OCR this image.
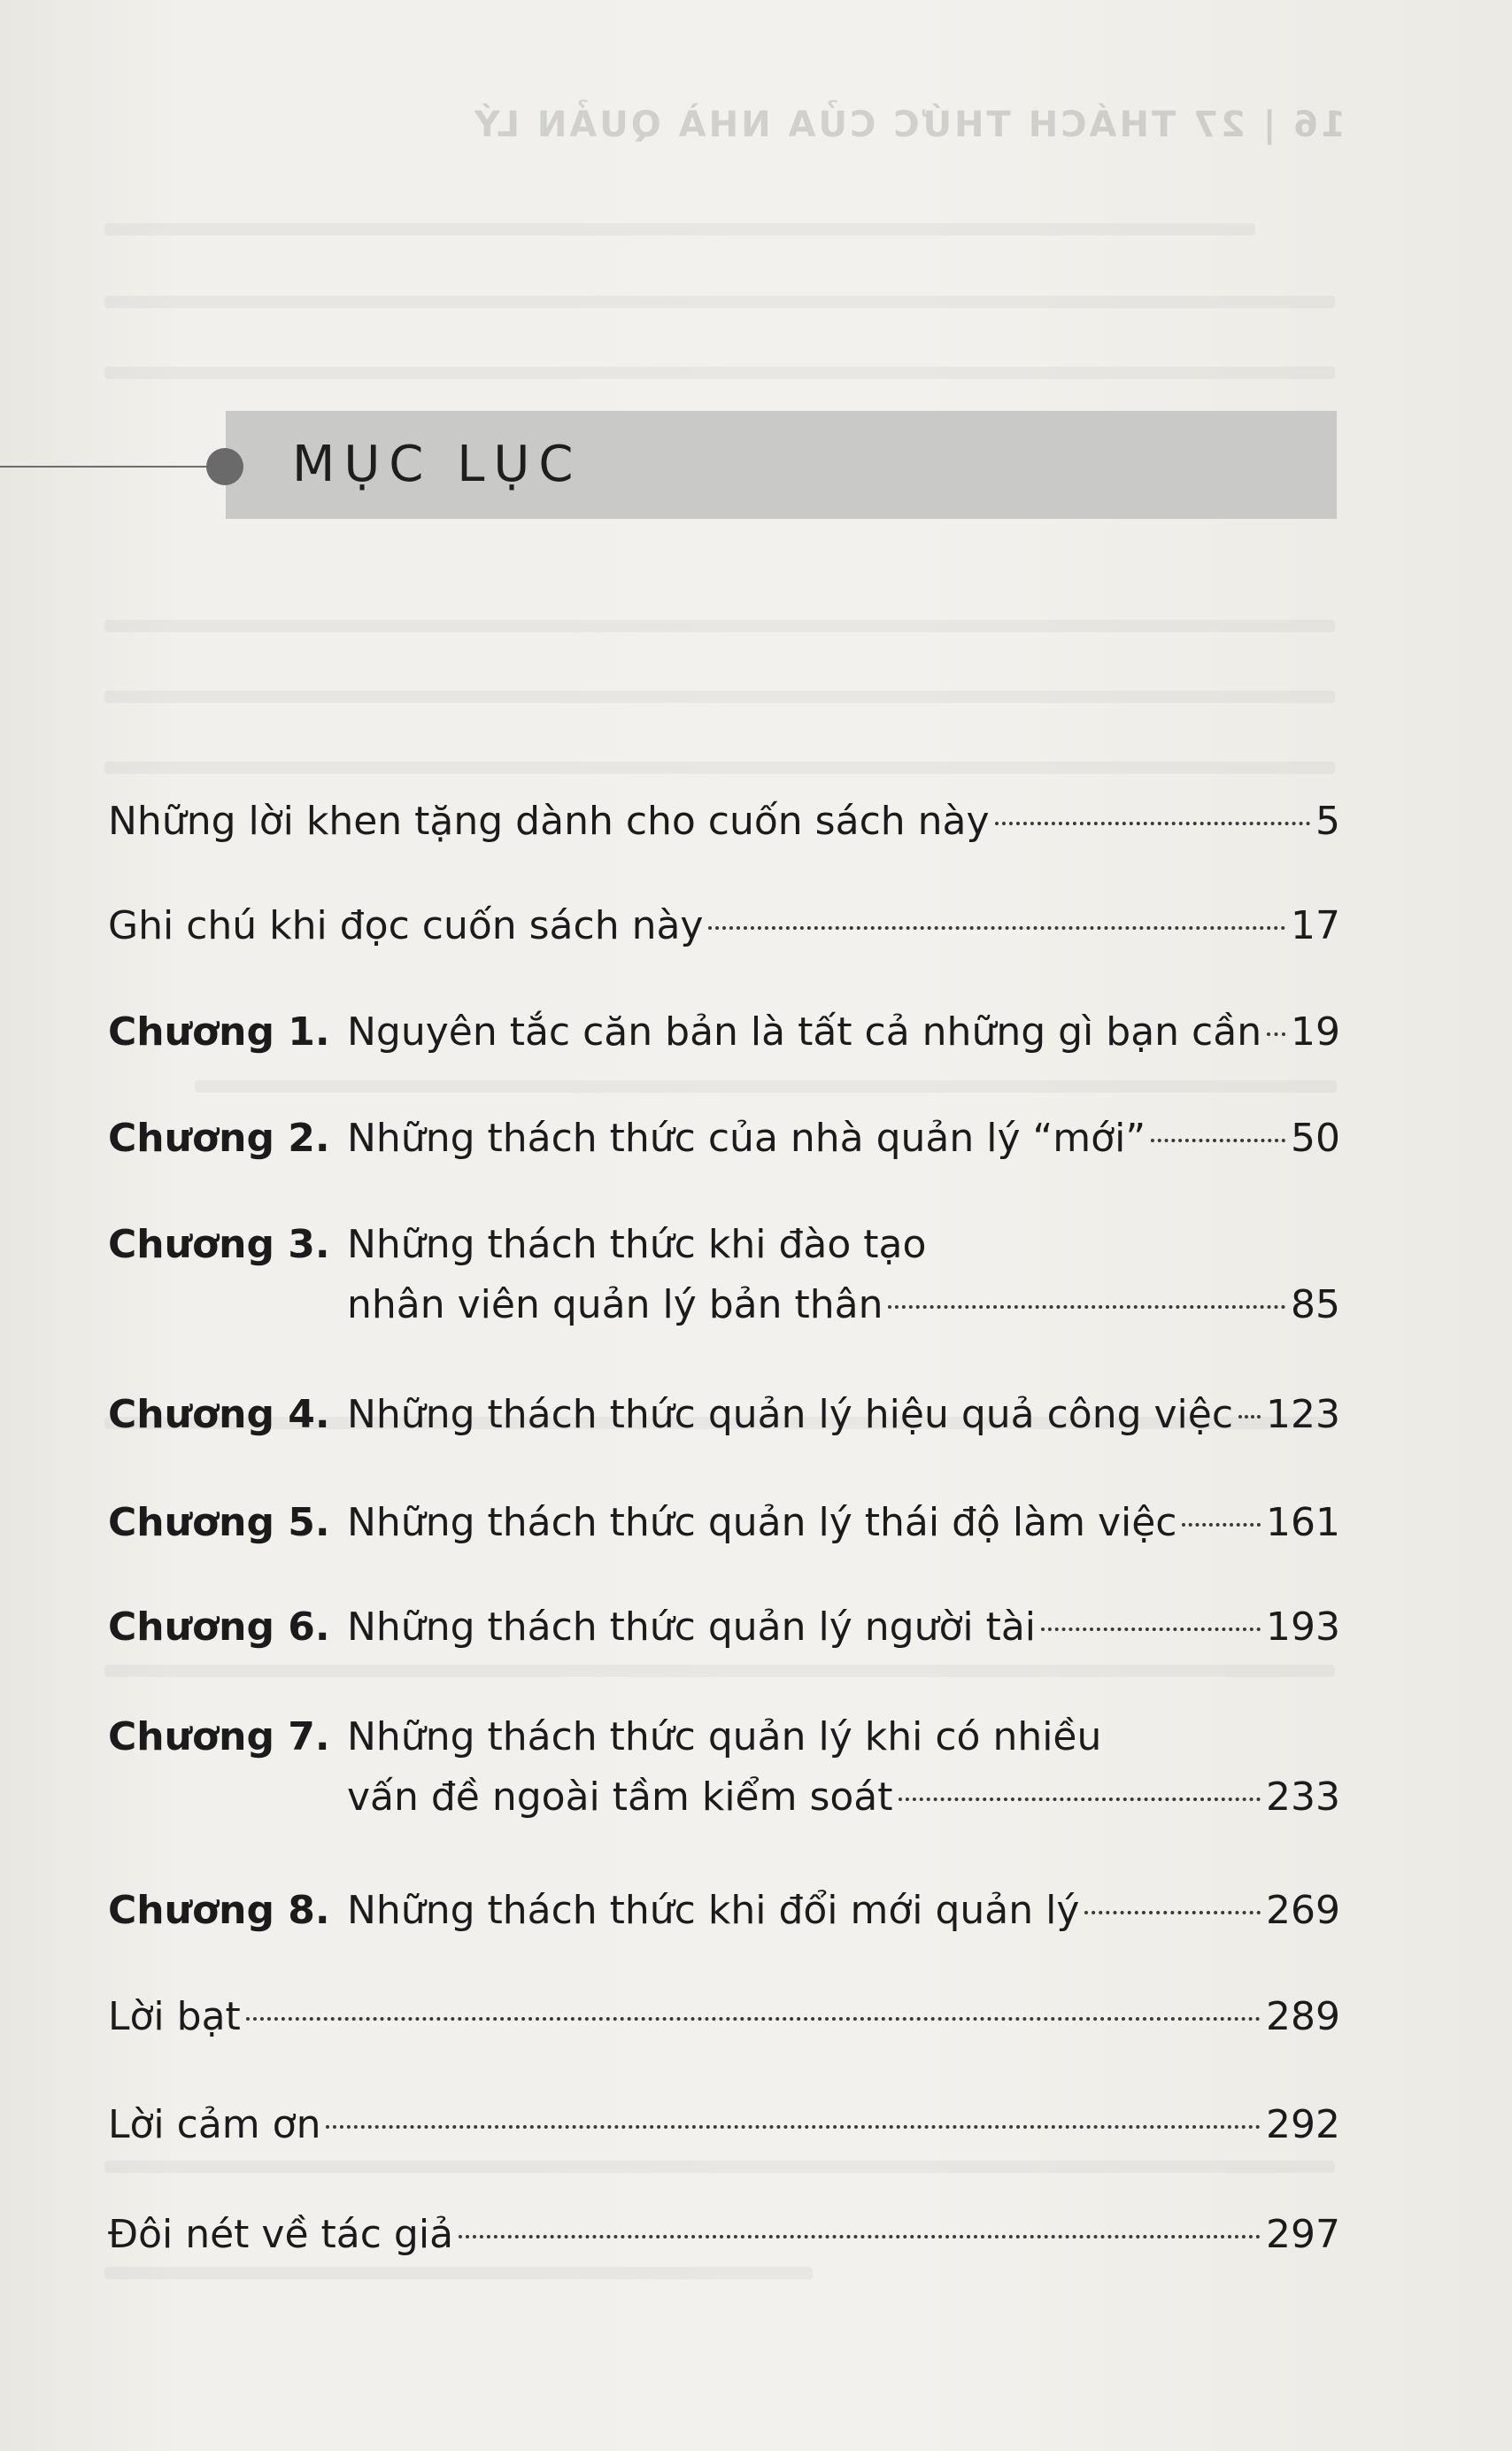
16 | 27 THÁCH THỨC CỦA NHÀ QUẢN LÝ
MỤC LỤC
Những lời khen tặng dành cho cuốn sách này	5
Ghi chú khi đọc cuốn sách này	17
Chương 1. Nguyên tắc căn bản là tất cả những gì bạn cần 19
Chương 2. Những thách thức của nhà quản lý “mới”	50
Chương 3. Những thách thức khi đào tạo
nhân viên quản lý bản thân	85
Chương 4. Những thách thức quản lý hiệu quả công việc 123
Chương 5. Những thách thức quản lý thái độ làm việc 161
Chương 6. Những thách thức quản lý người tài	193
Chương 7. Những thách thức quản lý khi có nhiều
vấn đề ngoài tầm kiểm soát	233
Chương 8. Những thách thức khi đổi mới quản lý	269
Lời bạt	289
Lời cảm ơn	292
Đôi nét về tác giả	297
